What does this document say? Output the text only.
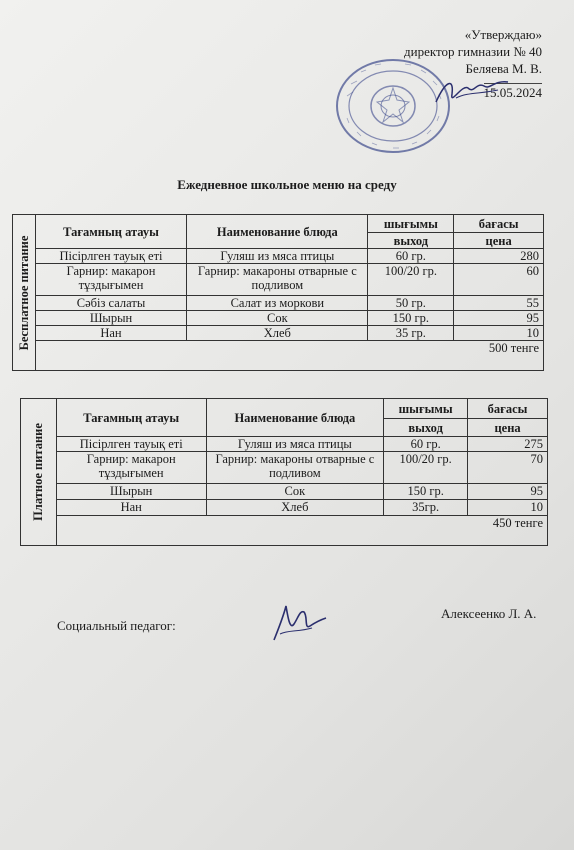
«Утверждаю»
директор гимназии № 40
Беляева М. В.
15.05.2024
Ежедневное школьное меню на среду
Бесплатное питание	Тағамның атауы	Наименование блюда	шығымы	бағасы
			выход	цена
	Пісірлген тауық еті	Гуляш из мяса птицы	60 гр.	280
	Гарнир: макарон тұздығымен	Гарнир: макароны отварные с подливом	100/20 гр.	60
	Сәбіз салаты	Салат из моркови	50 гр.	55
	Шырын	Сок	150 гр.	95
	Нан	Хлеб	35 гр.	10
	500 тенге			
Платное питание	Тағамның атауы	Наименование блюда	шығымы	бағасы
			выход	цена
	Пісірлген тауық еті	Гуляш из мяса птицы	60 гр.	275
	Гарнир: макарон тұздығымен	Гарнир: макароны отварные с подливом	100/20 гр.	70
	Шырын	Сок	150 гр.	95
	Нан	Хлеб	35гр.	10
	450 тенге			
Социальный педагог:
Алексеенко Л. А.
